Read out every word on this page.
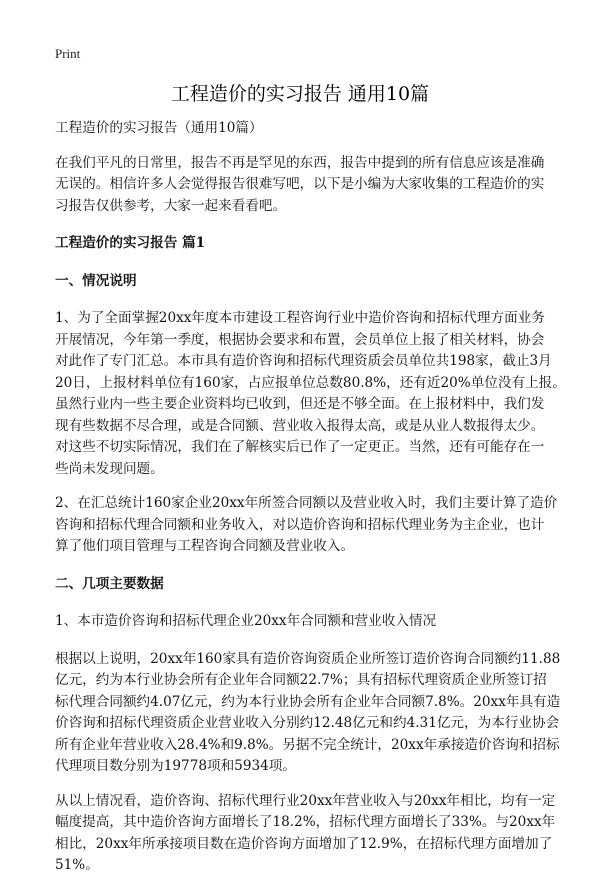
Print
工程造价的实习报告 通用10篇

工程造价的实习报告（通用10篇）

在我们平凡的日常里，报告不再是罕见的东西，报告中提到的所有信息应该是准确
无误的。相信许多人会觉得报告很难写吧，以下是小编为大家收集的工程造价的实
习报告仅供参考，大家一起来看看吧。

工程造价的实习报告 篇1

一、情况说明

1、为了全面掌握20xx年度本市建设工程咨询行业中造价咨询和招标代理方面业务
开展情况，今年第一季度，根据协会要求和布置，会员单位上报了相关材料，协会
对此作了专门汇总。本市具有造价咨询和招标代理资质会员单位共198家，截止3月
20日，上报材料单位有160家，占应报单位总数80.8%，还有近20%单位没有上报。
虽然行业内一些主要企业资料均已收到，但还是不够全面。在上报材料中，我们发
现有些数据不尽合理，或是合同额、营业收入报得太高，或是从业人数报得太少。
对这些不切实际情况，我们在了解核实后已作了一定更正。当然，还有可能存在一
些尚未发现问题。

2、在汇总统计160家企业20xx年所签合同额以及营业收入时，我们主要计算了造价
咨询和招标代理合同额和业务收入，对以造价咨询和招标代理业务为主企业，也计
算了他们项目管理与工程咨询合同额及营业收入。

二、几项主要数据

1、本市造价咨询和招标代理企业20xx年合同额和营业收入情况

根据以上说明，20xx年160家具有造价咨询资质企业所签订造价咨询合同额约11.88
亿元，约为本行业协会所有企业年合同额22.7%；具有招标代理资质企业所签订招
标代理合同额约4.07亿元，约为本行业协会所有企业年合同额7.8%。20xx年具有造
价咨询和招标代理资质企业营业收入分别约12.48亿元和约4.31亿元，为本行业协会
所有企业年营业收入28.4%和9.8%。另据不完全统计，20xx年承接造价咨询和招标
代理项目数分别为19778项和5934项。

从以上情况看，造价咨询、招标代理行业20xx年营业收入与20xx年相比，均有一定
幅度提高，其中造价咨询方面增长了18.2%，招标代理方面增长了33%。与20xx年
相比，20xx年所承接项目数在造价咨询方面增加了12.9%，在招标代理方面增加了
51%。
